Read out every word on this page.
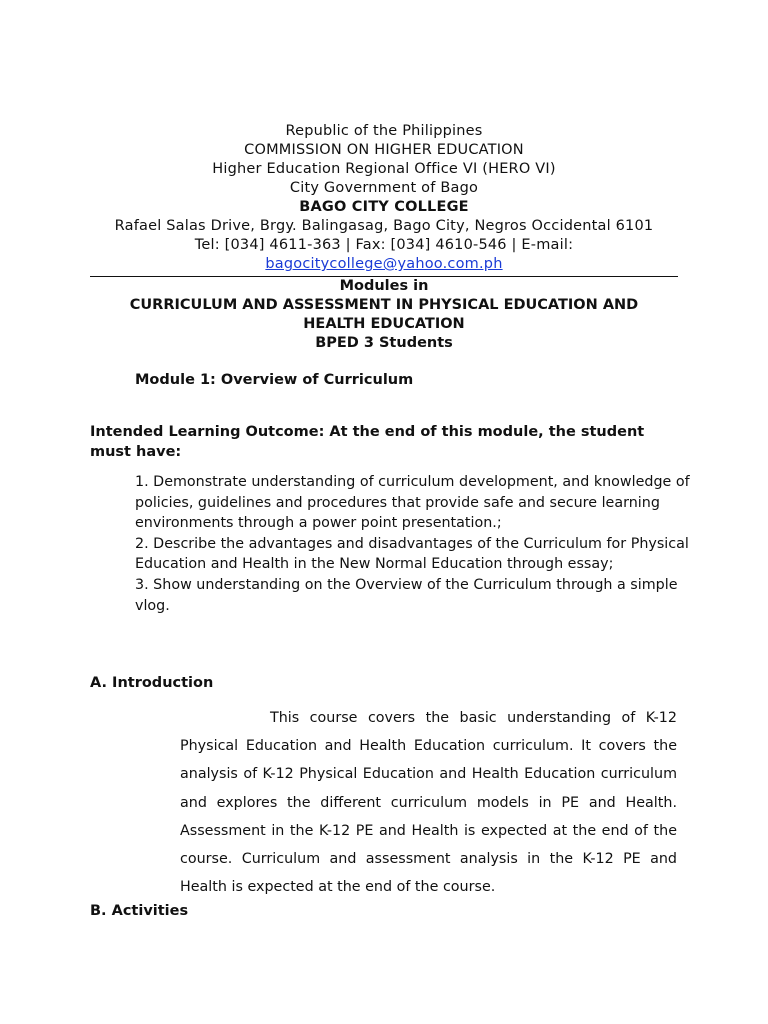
Republic of the Philippines
COMMISSION ON HIGHER EDUCATION
Higher Education Regional Office VI (HERO VI)
City Government of Bago
BAGO CITY COLLEGE
Rafael Salas Drive, Brgy. Balingasag, Bago City, Negros Occidental 6101
Tel: [034] 4611-363 | Fax: [034] 4610-546 | E-mail:
bagocitycollege@yahoo.com.ph
Modules in
CURRICULUM AND ASSESSMENT IN PHYSICAL EDUCATION AND
HEALTH EDUCATION
BPED 3 Students
Module 1: Overview of Curriculum
Intended Learning Outcome: At the end of this module, the student must have:
1. Demonstrate understanding of curriculum development, and knowledge of policies, guidelines and procedures that provide safe and secure learning environments through a power point presentation.;
2. Describe the advantages and disadvantages of the Curriculum for Physical Education and Health in the New Normal Education through essay;
3. Show understanding on the Overview of the Curriculum through a simple vlog.
A. Introduction
This course covers the basic understanding of K-12 Physical Education and Health Education curriculum. It covers the analysis of K-12 Physical Education and Health Education curriculum and explores the different curriculum models in PE and Health. Assessment in the K-12 PE and Health is expected at the end of the course. Curriculum and assessment analysis in the K-12 PE and Health is expected at the end of the course.
B. Activities
